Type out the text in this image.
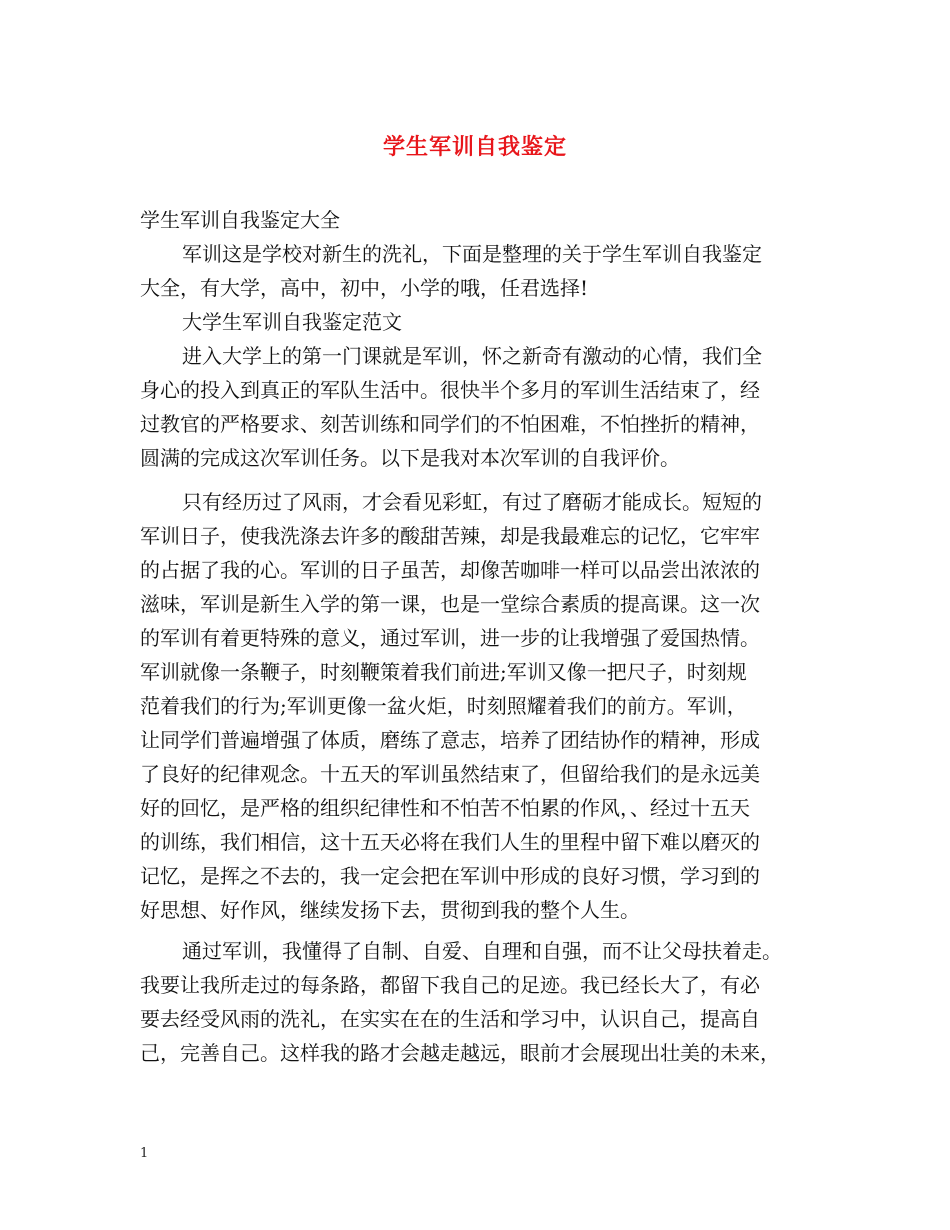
学生军训自我鉴定
学生军训自我鉴定大全
军训这是学校对新生的洗礼，下面是整理的关于学生军训自我鉴定
大全，有大学，高中，初中，小学的哦，任君选择!
大学生军训自我鉴定范文
进入大学上的第一门课就是军训，怀之新奇有激动的心情，我们全
身心的投入到真正的军队生活中。很快半个多月的军训生活结束了，经
过教官的严格要求、刻苦训练和同学们的不怕困难，不怕挫折的精神，
圆满的完成这次军训任务。以下是我对本次军训的自我评价。
只有经历过了风雨，才会看见彩虹，有过了磨砺才能成长。短短的
军训日子，使我洗涤去许多的酸甜苦辣，却是我最难忘的记忆，它牢牢
的占据了我的心。军训的日子虽苦，却像苦咖啡一样可以品尝出浓浓的
滋味，军训是新生入学的第一课，也是一堂综合素质的提高课。这一次
的军训有着更特殊的意义，通过军训，进一步的让我增强了爱国热情。
军训就像一条鞭子，时刻鞭策着我们前进;军训又像一把尺子，时刻规
范着我们的行为;军训更像一盆火炬，时刻照耀着我们的前方。军训，
让同学们普遍增强了体质，磨练了意志，培养了团结协作的精神，形成
了良好的纪律观念。十五天的军训虽然结束了，但留给我们的是永远美
好的回忆，是严格的组织纪律性和不怕苦不怕累的作风，、经过十五天
的训练，我们相信，这十五天必将在我们人生的里程中留下难以磨灭的
记忆，是挥之不去的，我一定会把在军训中形成的良好习惯，学习到的
好思想、好作风，继续发扬下去，贯彻到我的整个人生。
通过军训，我懂得了自制、自爱、自理和自强，而不让父母扶着走。
我要让我所走过的每条路，都留下我自己的足迹。我已经长大了，有必
要去经受风雨的洗礼，在实实在在的生活和学习中，认识自己，提高自
己，完善自己。这样我的路才会越走越远，眼前才会展现出壮美的未来，
1
